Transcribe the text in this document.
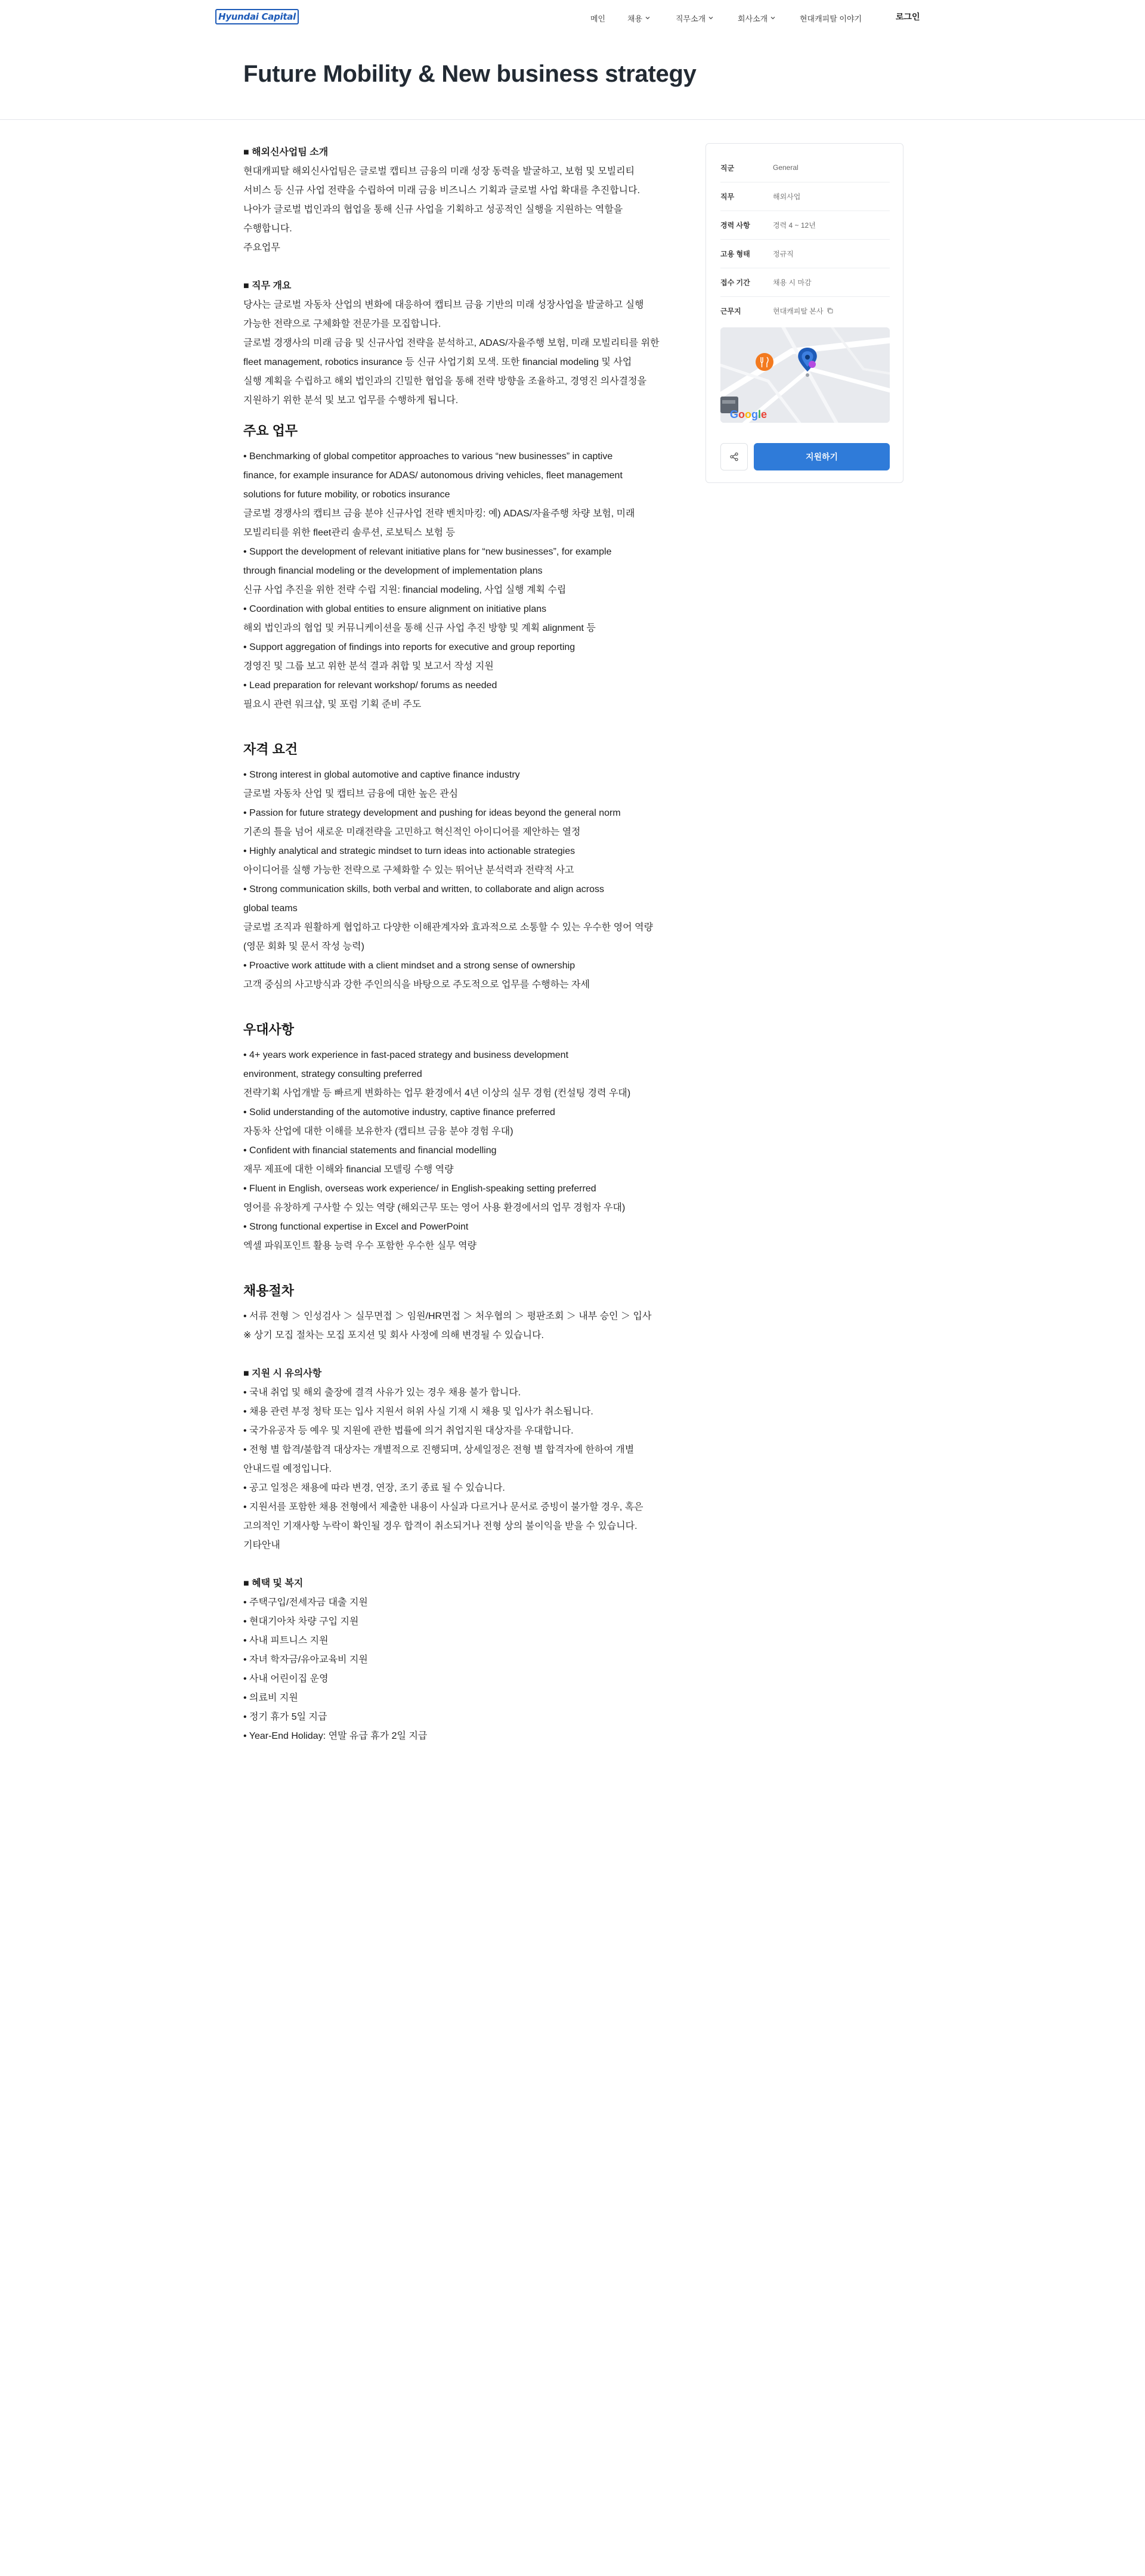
Hyundai Capital	메인	채용	직무소개	회사소개	현대캐피탈 이야기	로그인
Future Mobility & New business strategy

■ 해외신사업팀 소개

현대캐피탈 해외신사업팀은 글로벌 캡티브 금융의 미래 성장 동력을 발굴하고, 보험 및 모빌리티

서비스 등 신규 사업 전략을 수립하여 미래 금융 비즈니스 기획과 글로벌 사업 확대를 추진합니다.

나아가 글로벌 법인과의 협업을 통해 신규 사업을 기획하고 성공적인 실행을 지원하는 역할을

수행합니다.

주요업무

■ 직무 개요

당사는 글로벌 자동차 산업의 변화에 대응하여 캡티브 금융 기반의 미래 성장사업을 발굴하고 실행

가능한 전략으로 구체화할 전문가를 모집합니다.

글로벌 경쟁사의 미래 금융 및 신규사업 전략을 분석하고, ADAS/자율주행 보험, 미래 모빌리티를 위한

fleet management, robotics insurance 등 신규 사업기회 모색. 또한 financial modeling 및 사업

실행 계획을 수립하고 해외 법인과의 긴밀한 협업을 통해 전략 방향을 조율하고, 경영진 의사결정을

지원하기 위한 분석 및 보고 업무를 수행하게 됩니다.

주요 업무

• Benchmarking of global competitor approaches to various “new businesses” in captive

finance, for example insurance for ADAS/ autonomous driving vehicles, fleet management

solutions for future mobility, or robotics insurance

글로벌 경쟁사의 캡티브 금융 분야 신규사업 전략 벤치마킹: 예) ADAS/자율주행 차량 보험, 미래

모빌리티를 위한 fleet관리 솔루션, 로보틱스 보험 등

• Support the development of relevant initiative plans for “new businesses”, for example

through financial modeling or the development of implementation plans

신규 사업 추진을 위한 전략 수립 지원: financial modeling, 사업 실행 계획 수립

• Coordination with global entities to ensure alignment on initiative plans

해외 법인과의 협업 및 커뮤니케이션을 통해 신규 사업 추진 방향 및 계획 alignment 등

• Support aggregation of findings into reports for executive and group reporting

경영진 및 그룹 보고 위한 분석 결과 취합 및 보고서 작성 지원

• Lead preparation for relevant workshop/ forums as needed

필요시 관련 워크샵, 및 포럼 기획 준비 주도

자격 요건

• Strong interest in global automotive and captive finance industry

글로벌 자동차 산업 및 캡티브 금융에 대한 높은 관심

• Passion for future strategy development and pushing for ideas beyond the general norm

기존의 틀을 넘어 새로운 미래전략을 고민하고 혁신적인 아이디어를 제안하는 열정

• Highly analytical and strategic mindset to turn ideas into actionable strategies

아이디어를 실행 가능한 전략으로 구체화할 수 있는 뛰어난 분석력과 전략적 사고

• Strong communication skills, both verbal and written, to collaborate and align across

global teams

글로벌 조직과 원활하게 협업하고 다양한 이해관계자와 효과적으로 소통할 수 있는 우수한 영어 역량

(영문 회화 및 문서 작성 능력)

• Proactive work attitude with a client mindset and a strong sense of ownership

고객 중심의 사고방식과 강한 주인의식을 바탕으로 주도적으로 업무를 수행하는 자세

우대사항

• 4+ years work experience in fast-paced strategy and business development

environment, strategy consulting preferred

전략기획 사업개발 등 빠르게 변화하는 업무 환경에서 4년 이상의 실무 경험 (컨설팅 경력 우대)

• Solid understanding of the automotive industry, captive finance preferred

자동차 산업에 대한 이해를 보유한자 (캡티브 금융 분야 경험 우대)

• Confident with financial statements and financial modelling

재무 제표에 대한 이해와 financial 모델링 수행 역량

• Fluent in English, overseas work experience/ in English-speaking setting preferred

영어를 유창하게 구사할 수 있는 역량 (해외근무 또는 영어 사용 환경에서의 업무 경험자 우대)

• Strong functional expertise in Excel and PowerPoint

엑셀 파워포인트 활용 능력 우수 포함한 우수한 실무 역량

채용절차

• 서류 전형 ＞ 인성검사 ＞ 실무면접 ＞ 임원/HR면접 ＞ 처우협의 ＞ 평판조회 ＞ 내부 승인 ＞ 입사

※ 상기 모집 절차는 모집 포지션 및 회사 사정에 의해 변경될 수 있습니다.

■ 지원 시 유의사항

• 국내 취업 및 해외 출장에 결격 사유가 있는 경우 채용 불가 합니다.

• 채용 관련 부정 청탁 또는 입사 지원서 허위 사실 기재 시 채용 및 입사가 취소됩니다.

• 국가유공자 등 예우 및 지원에 관한 법률에 의거 취업지원 대상자를 우대합니다.

• 전형 별 합격/불합격 대상자는 개별적으로 진행되며, 상세일정은 전형 별 합격자에 한하여 개별

안내드릴 예정입니다.

• 공고 일정은 채용에 따라 변경, 연장, 조기 종료 될 수 있습니다.

• 지원서를 포함한 채용 전형에서 제출한 내용이 사실과 다르거나 문서로 증빙이 불가할 경우, 혹은

고의적인 기재사항 누락이 확인될 경우 합격이 취소되거나 전형 상의 불이익을 받을 수 있습니다.

기타안내

■ 혜택 및 복지

• 주택구입/전세자금 대출 지원

• 현대기아차 차량 구입 지원

• 사내 피트니스 지원

• 자녀 학자금/유아교육비 지원

• 사내 어린이집 운영

• 의료비 지원

• 정기 휴가 5일 지급

• Year-End Holiday: 연말 유급 휴가 2일 지급

직군	General
직무	해외사업
경력 사항	경력 4 ~ 12년
고용 형태	정규직
접수 기간	채용 시 마감
근무지	현대캐피탈 본사
Google
지원하기
